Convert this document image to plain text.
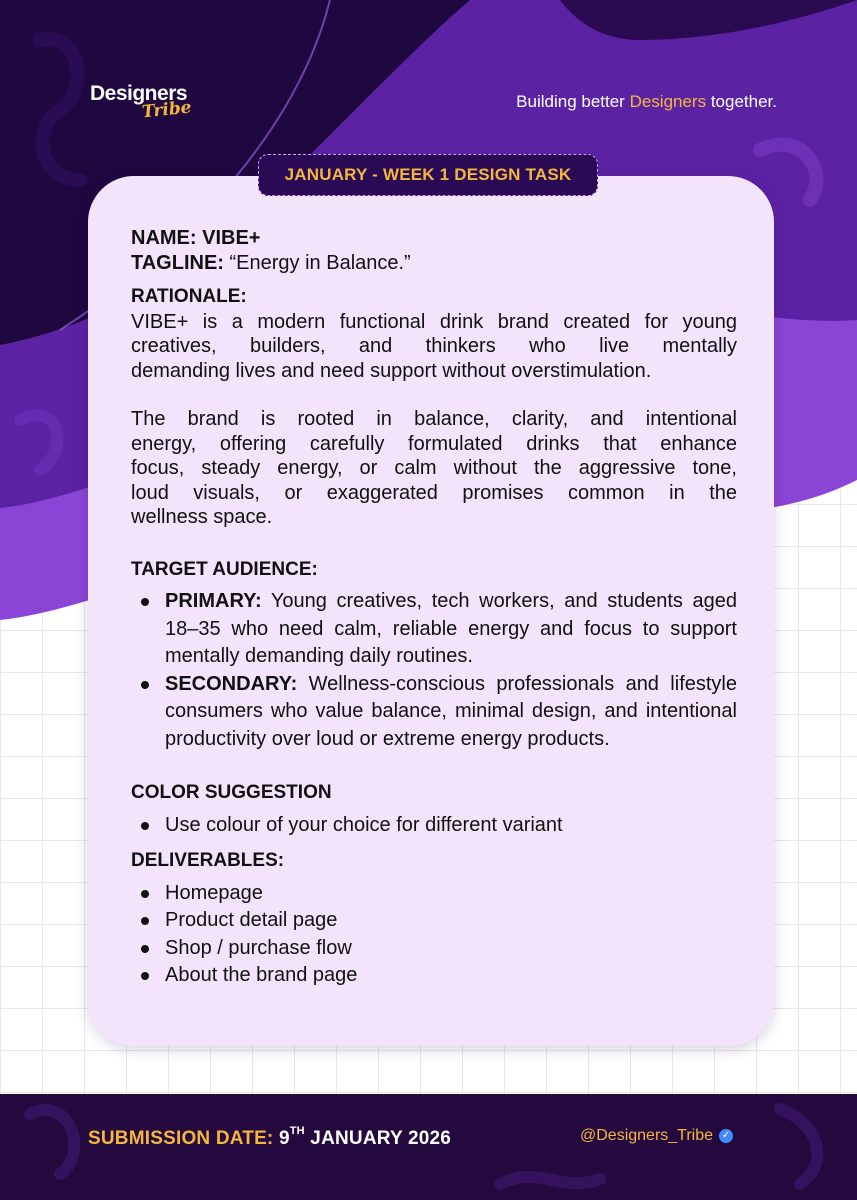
Designers
Tribe	Building better Designers together.
JANUARY - WEEK 1 DESIGN TASK
NAME: VIBE+
TAGLINE: “Energy in Balance.”
RATIONALE:
VIBE+ is a modern functional drink brand created for young
creatives, builders, and thinkers who live mentally
demanding lives and need support without overstimulation.
The brand is rooted in balance, clarity, and intentional
energy, offering carefully formulated drinks that enhance
focus, steady energy, or calm without the aggressive tone,
loud visuals, or exaggerated promises common in the
wellness space.
TARGET AUDIENCE:
PRIMARY: Young creatives, tech workers, and students aged 18–35 who need calm, reliable energy and focus to support mentally demanding daily routines.
SECONDARY: Wellness-conscious professionals and lifestyle consumers who value balance, minimal design, and intentional productivity over loud or extreme energy products.
COLOR SUGGESTION
Use colour of your choice for different variant
DELIVERABLES:
Homepage
Product detail page
Shop / purchase flow
About the brand page
SUBMISSION DATE: 9TH JANUARY 2026	@Designers_Tribe ✓
